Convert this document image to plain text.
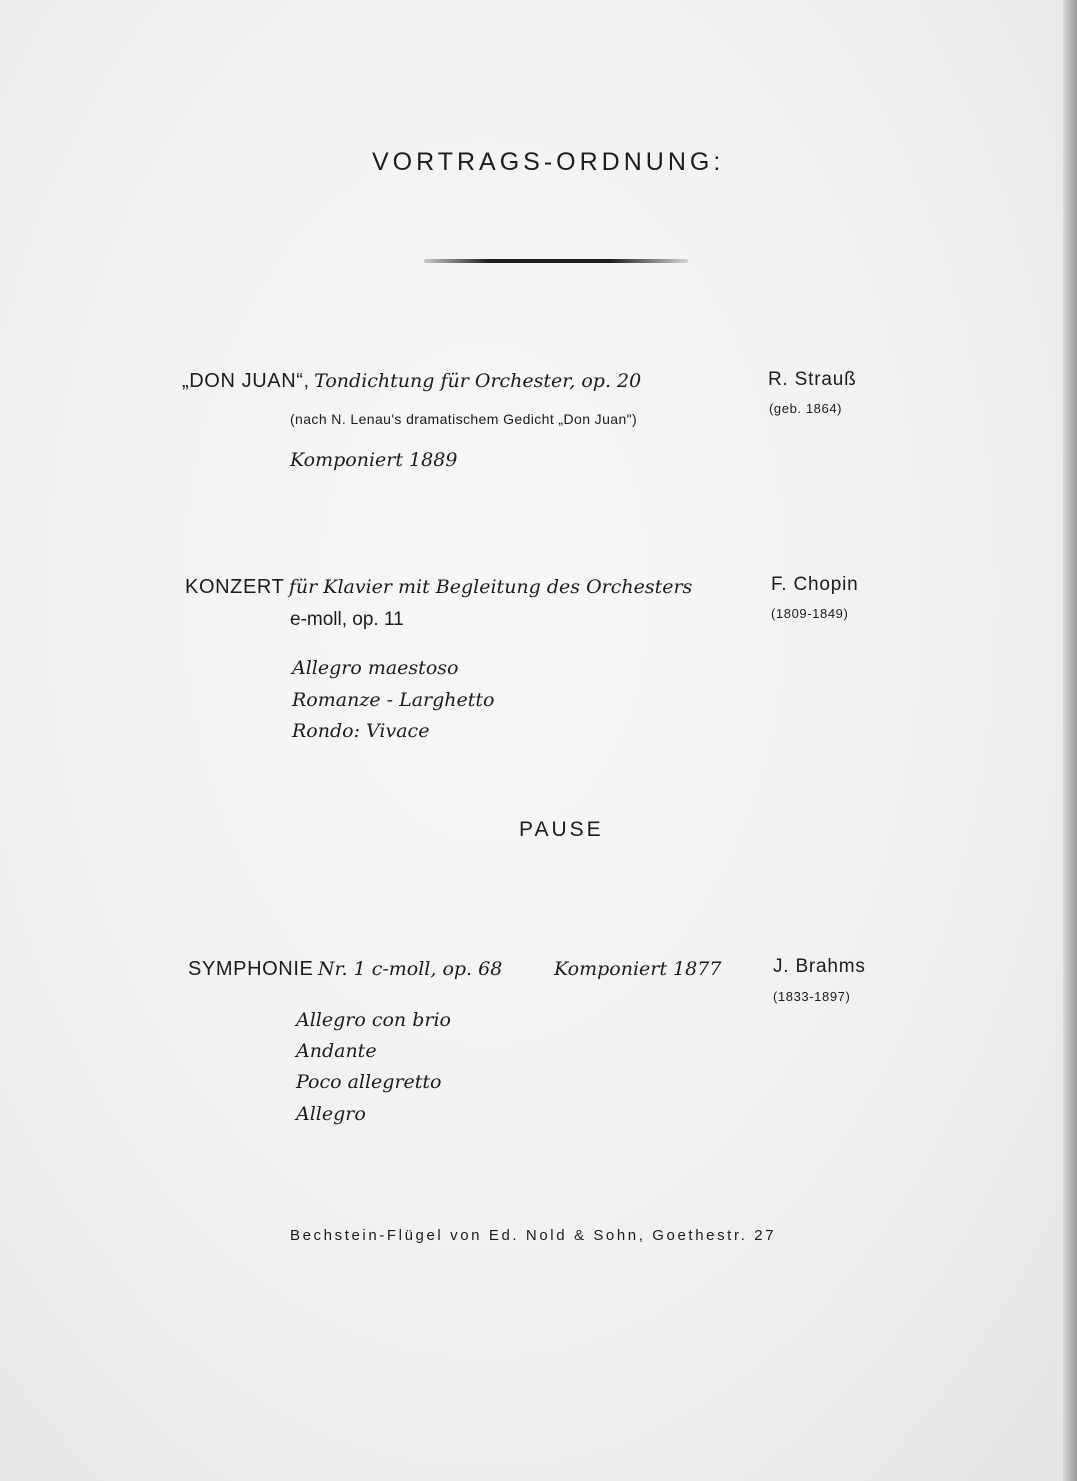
VORTRAGS-ORDNUNG:
„DON JUAN“, Tondichtung für Orchester, op. 20
(nach N. Lenau's dramatischem Gedicht „Don Juan")
Komponiert 1889
R. Strauß
(geb. 1864)
KONZERT für Klavier mit Begleitung des Orchesters
e-moll, op. 11
Allegro maestoso
Romanze - Larghetto
Rondo: Vivace
F. Chopin
(1809-1849)
PAUSE
SYMPHONIE Nr. 1 c-moll, op. 68	Komponiert 1877
Allegro con brio
Andante
Poco allegretto
Allegro
J. Brahms
(1833-1897)
Bechstein-Flügel von Ed. Nold & Sohn, Goethestr. 27
